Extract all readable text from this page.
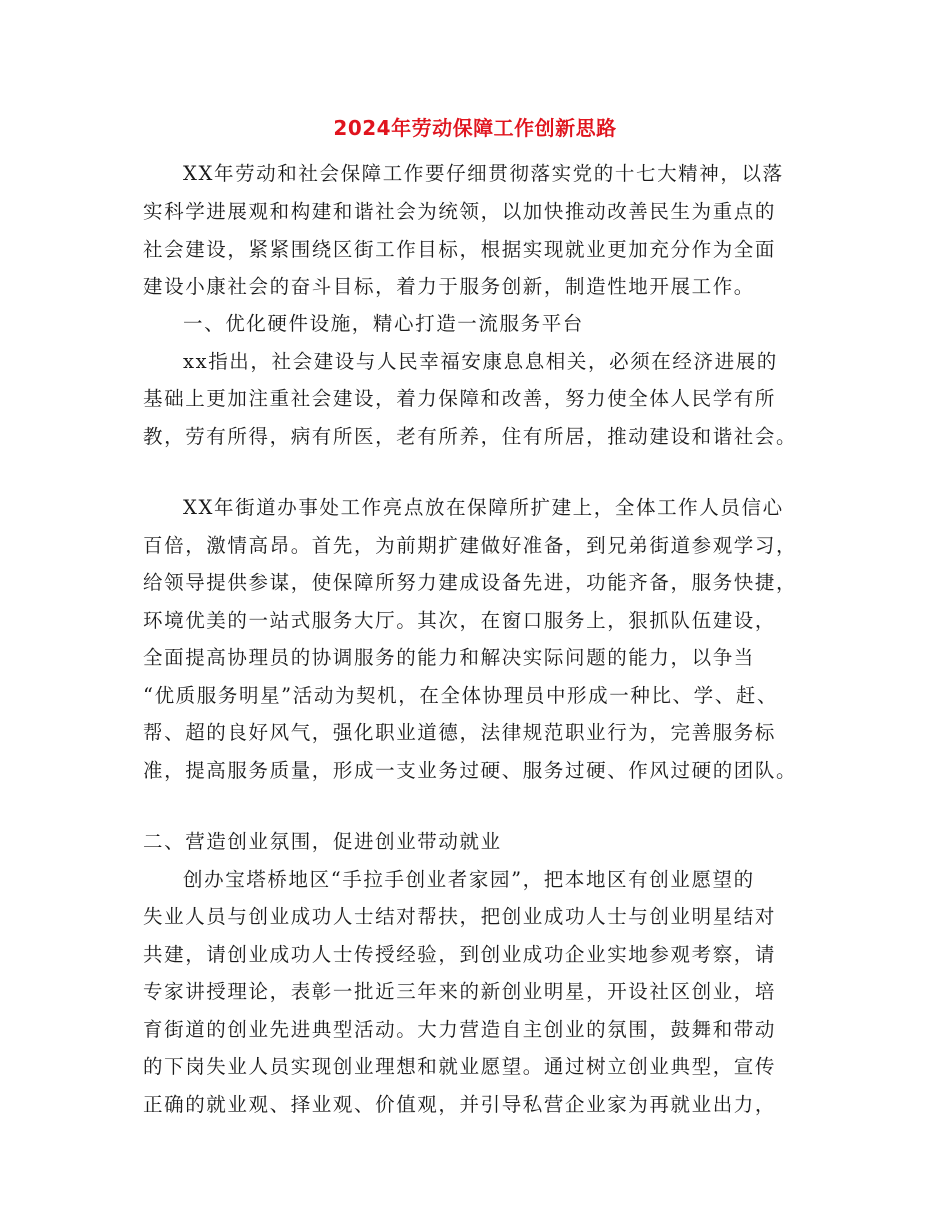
2024年劳动保障工作创新思路
XX年劳动和社会保障工作要仔细贯彻落实党的十七大精神，以落
实科学进展观和构建和谐社会为统领，以加快推动改善民生为重点的
社会建设，紧紧围绕区街工作目标，根据实现就业更加充分作为全面
建设小康社会的奋斗目标，着力于服务创新，制造性地开展工作。
一、优化硬件设施，精心打造一流服务平台
xx指出，社会建设与人民幸福安康息息相关，必须在经济进展的
基础上更加注重社会建设，着力保障和改善，努力使全体人民学有所
教，劳有所得，病有所医，老有所养，住有所居，推动建设和谐社会。
XX年街道办事处工作亮点放在保障所扩建上，全体工作人员信心
百倍，激情高昂。首先，为前期扩建做好准备，到兄弟街道参观学习，
给领导提供参谋，使保障所努力建成设备先进，功能齐备，服务快捷，
环境优美的一站式服务大厅。其次，在窗口服务上，狠抓队伍建设，
全面提高协理员的协调服务的能力和解决实际问题的能力，以争当
“优质服务明星”活动为契机，在全体协理员中形成一种比、学、赶、
帮、超的良好风气，强化职业道德，法律规范职业行为，完善服务标
准，提高服务质量，形成一支业务过硬、服务过硬、作风过硬的团队。
二、营造创业氛围，促进创业带动就业
创办宝塔桥地区“手拉手创业者家园”，把本地区有创业愿望的
失业人员与创业成功人士结对帮扶，把创业成功人士与创业明星结对
共建，请创业成功人士传授经验，到创业成功企业实地参观考察，请
专家讲授理论，表彰一批近三年来的新创业明星，开设社区创业，培
育街道的创业先进典型活动。大力营造自主创业的氛围，鼓舞和带动
的下岗失业人员实现创业理想和就业愿望。通过树立创业典型，宣传
正确的就业观、择业观、价值观，并引导私营企业家为再就业出力，
